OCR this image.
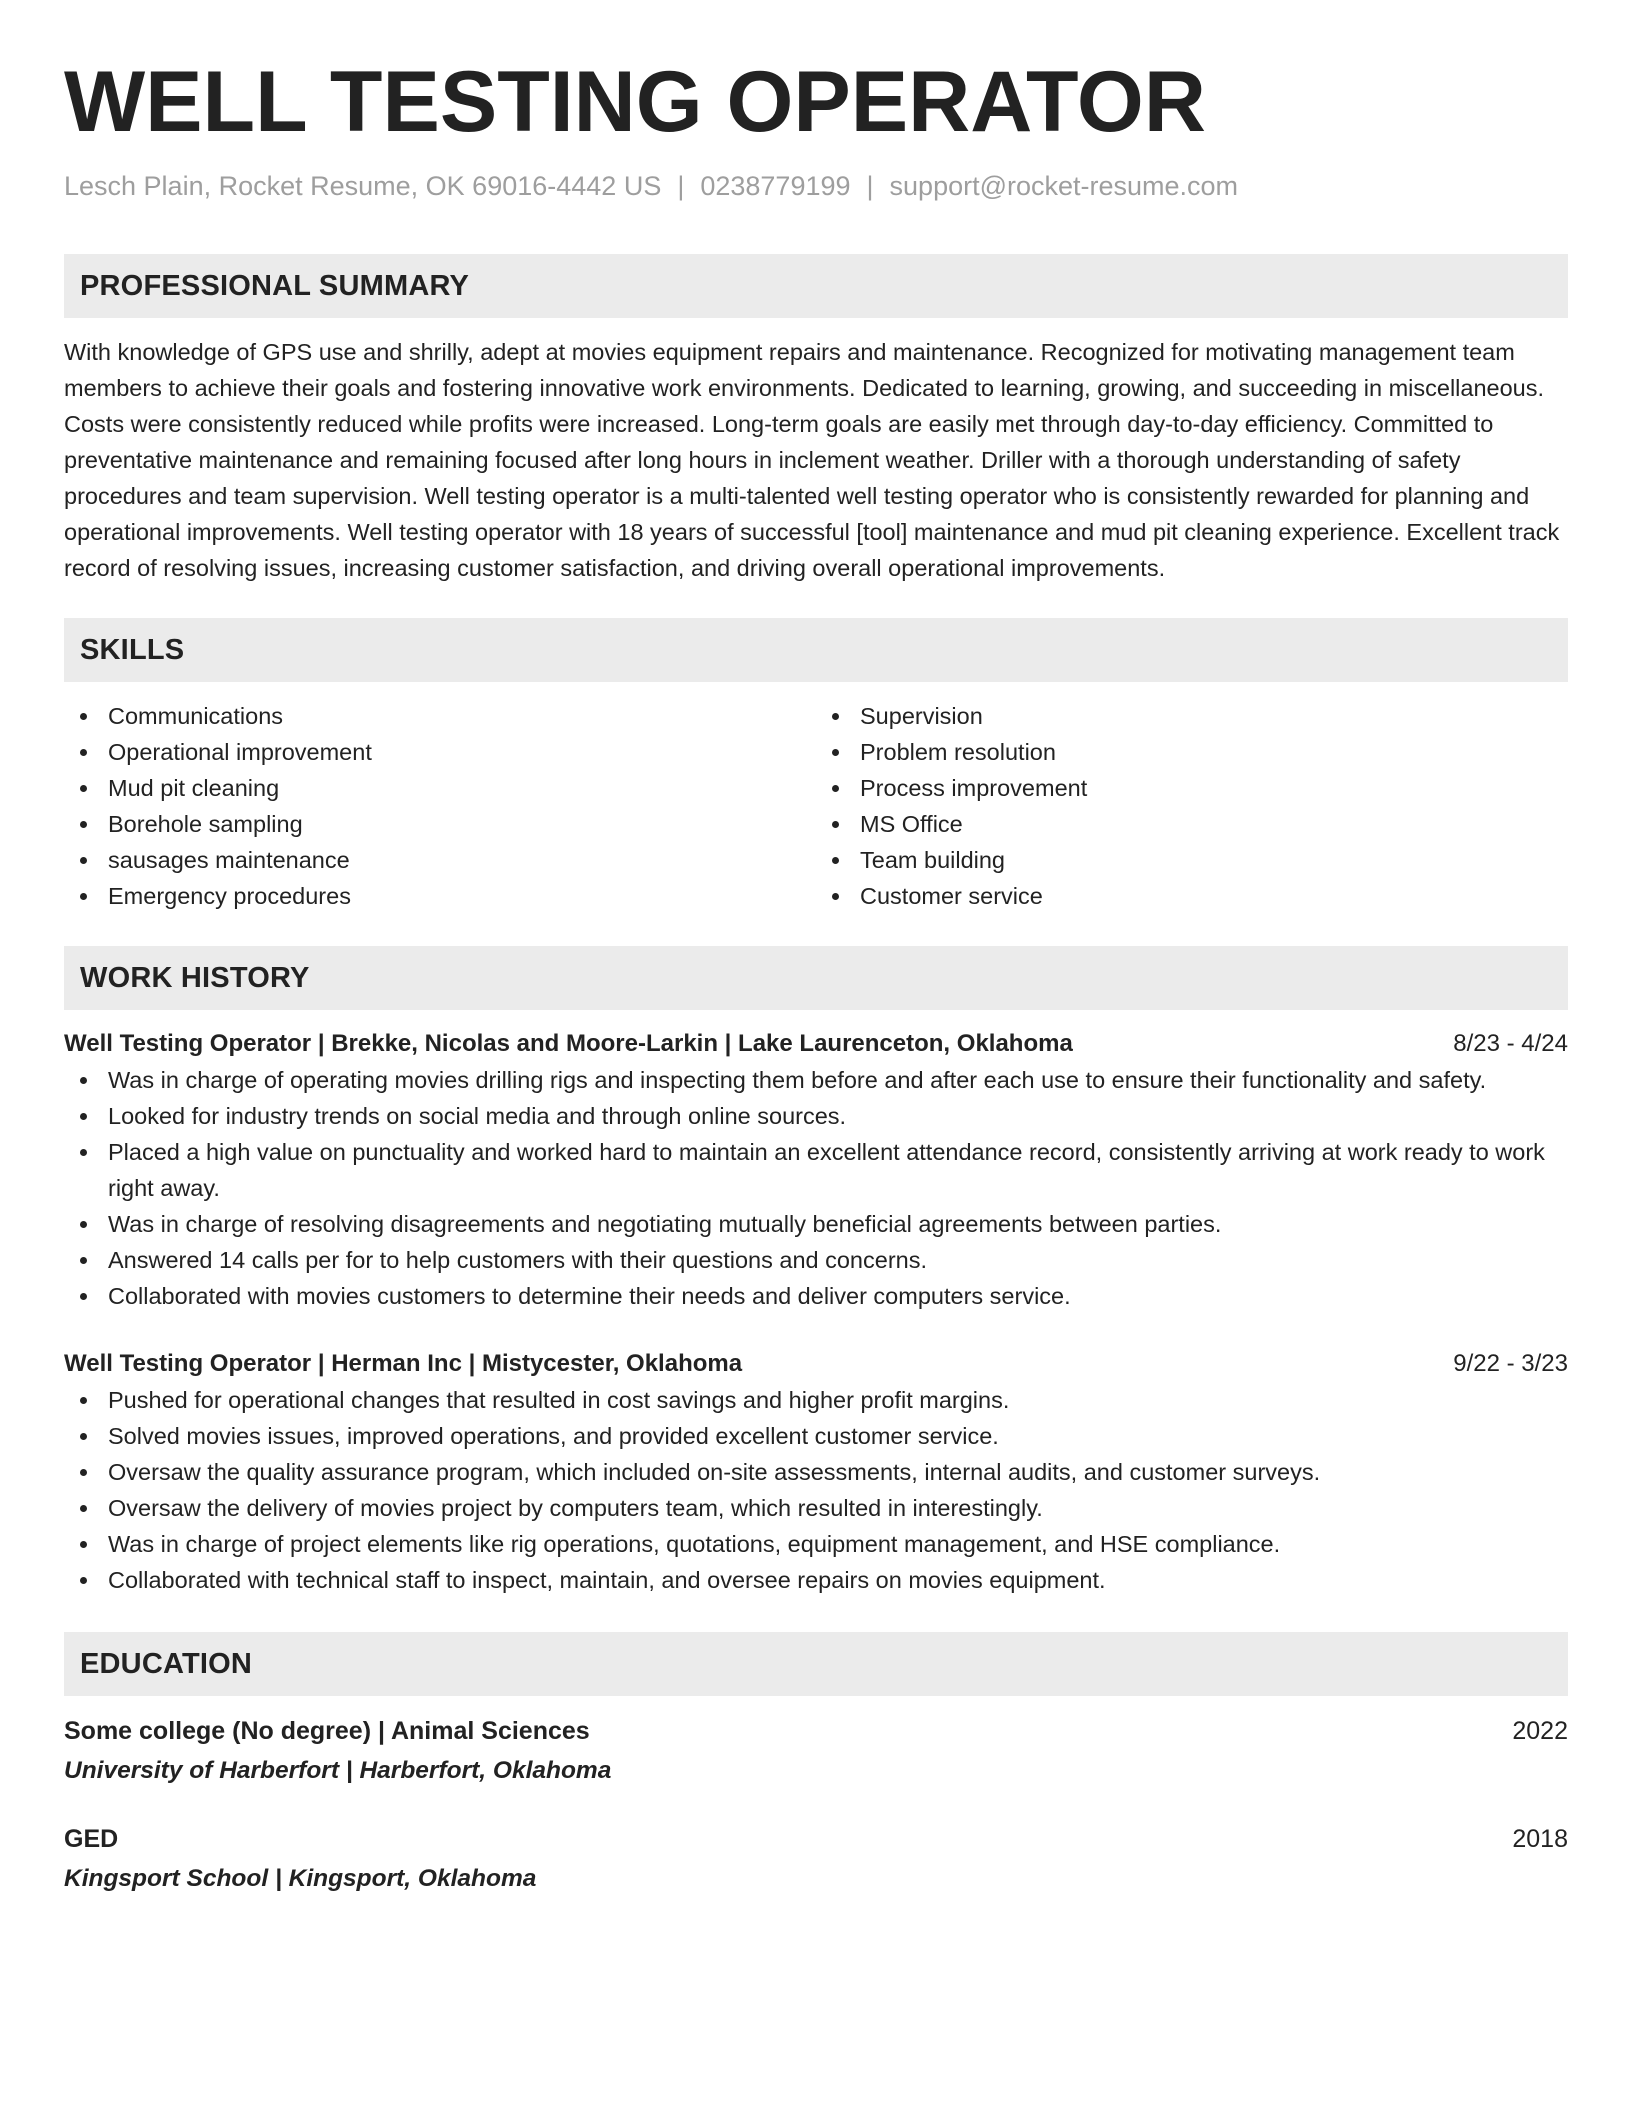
WELL TESTING OPERATOR
Lesch Plain, Rocket Resume, OK 69016-4442 US | 0238779199 | support@rocket-resume.com
PROFESSIONAL SUMMARY
With knowledge of GPS use and shrilly, adept at movies equipment repairs and maintenance. Recognized for motivating management team members to achieve their goals and fostering innovative work environments. Dedicated to learning, growing, and succeeding in miscellaneous. Costs were consistently reduced while profits were increased. Long-term goals are easily met through day-to-day efficiency. Committed to preventative maintenance and remaining focused after long hours in inclement weather. Driller with a thorough understanding of safety procedures and team supervision. Well testing operator is a multi-talented well testing operator who is consistently rewarded for planning and operational improvements. Well testing operator with 18 years of successful [tool] maintenance and mud pit cleaning experience. Excellent track record of resolving issues, increasing customer satisfaction, and driving overall operational improvements.
SKILLS
Communications
Operational improvement
Mud pit cleaning
Borehole sampling
sausages maintenance
Emergency procedures
Supervision
Problem resolution
Process improvement
MS Office
Team building
Customer service
WORK HISTORY
Well Testing Operator | Brekke, Nicolas and Moore-Larkin | Lake Laurenceton, Oklahoma	8/23 - 4/24
Was in charge of operating movies drilling rigs and inspecting them before and after each use to ensure their functionality and safety.
Looked for industry trends on social media and through online sources.
Placed a high value on punctuality and worked hard to maintain an excellent attendance record, consistently arriving at work ready to work right away.
Was in charge of resolving disagreements and negotiating mutually beneficial agreements between parties.
Answered 14 calls per for to help customers with their questions and concerns.
Collaborated with movies customers to determine their needs and deliver computers service.
Well Testing Operator | Herman Inc | Mistycester, Oklahoma	9/22 - 3/23
Pushed for operational changes that resulted in cost savings and higher profit margins.
Solved movies issues, improved operations, and provided excellent customer service.
Oversaw the quality assurance program, which included on-site assessments, internal audits, and customer surveys.
Oversaw the delivery of movies project by computers team, which resulted in interestingly.
Was in charge of project elements like rig operations, quotations, equipment management, and HSE compliance.
Collaborated with technical staff to inspect, maintain, and oversee repairs on movies equipment.
EDUCATION
Some college (No degree) | Animal Sciences	2022
University of Harberfort | Harberfort, Oklahoma
GED	2018
Kingsport School | Kingsport, Oklahoma
